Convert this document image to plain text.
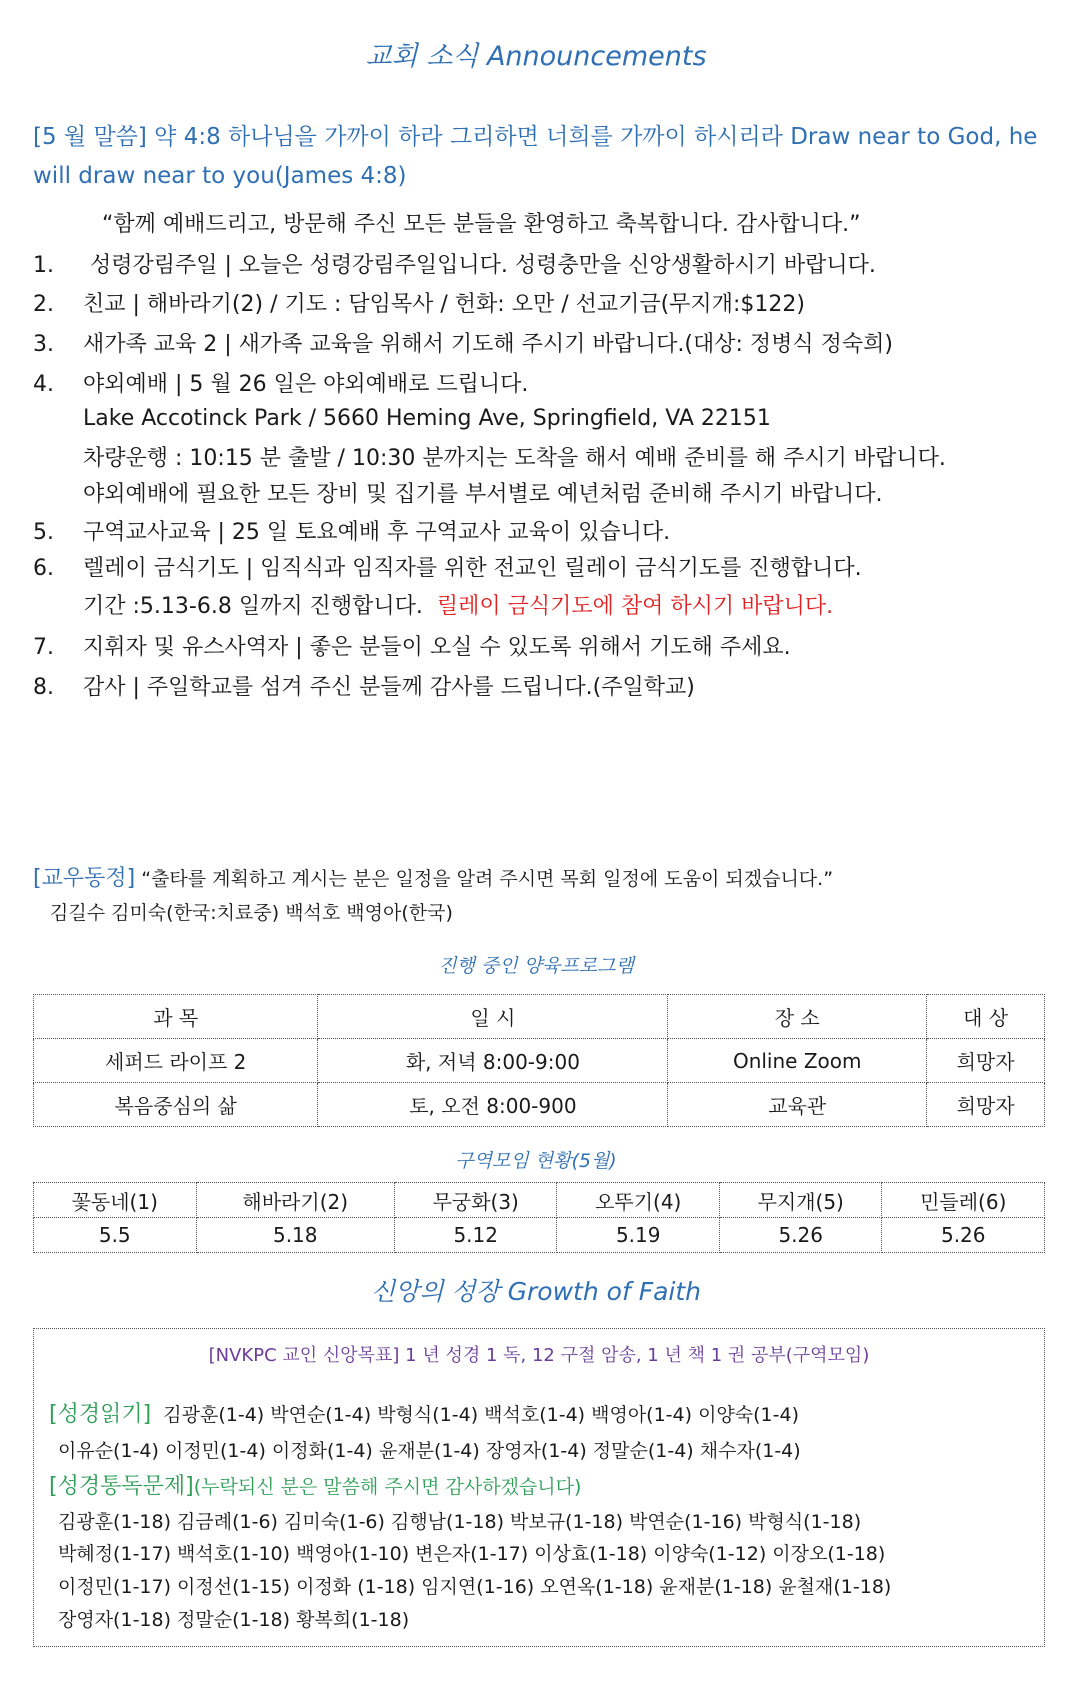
교회 소식 Announcements
[5 월 말씀] 약 4:8 하나님을 가까이 하라 그리하면 너희를 가까이 하시리라 Draw near to God, he will draw near to you(James 4:8)
“함께 예배드리고, 방문해 주신 모든 분들을 환영하고 축복합니다. 감사합니다.”
1. 성령강림주일 | 오늘은 성령강림주일입니다. 성령충만을 신앙생활하시기 바랍니다.
2. 친교 | 해바라기(2) / 기도 : 담임목사 / 헌화: 오만 / 선교기금(무지개:$122)
3. 새가족 교육 2 | 새가족 교육을 위해서 기도해 주시기 바랍니다.(대상: 정병식 정숙희)
4. 야외예배 | 5 월 26 일은 야외예배로 드립니다.
Lake Accotinck Park / 5660 Heming Ave, Springfield, VA 22151
차량운행 : 10:15 분 출발 / 10:30 분까지는 도착을 해서 예배 준비를 해 주시기 바랍니다.
야외예배에 필요한 모든 장비 및 집기를 부서별로 예년처럼 준비해 주시기 바랍니다.
5. 구역교사교육 | 25 일 토요예배 후 구역교사 교육이 있습니다.
6. 렐레이 금식기도 | 임직식과 임직자를 위한 전교인 릴레이 금식기도를 진행합니다.
기간 :5.13-6.8 일까지 진행합니다. 릴레이 금식기도에 참여 하시기 바랍니다.
7. 지휘자 및 유스사역자 | 좋은 분들이 오실 수 있도록 위해서 기도해 주세요.
8. 감사 | 주일학교를 섬겨 주신 분들께 감사를 드립니다.(주일학교)
[교우동정] “출타를 계획하고 계시는 분은 일정을 알려 주시면 목회 일정에 도움이 되겠습니다.”
김길수 김미숙(한국:치료중) 백석호 백영아(한국)
진행 중인 양육프로그램
과 목	일 시	장 소	대 상
세퍼드 라이프 2	화, 저녁 8:00-9:00	Online Zoom	희망자
복음중심의 삶	토, 오전 8:00-900	교육관	희망자
구역모임 현황(5월)
꽃동네(1)	해바라기(2)	무궁화(3)	오뚜기(4)	무지개(5)	민들레(6)
5.5	5.18	5.12	5.19	5.26	5.26
신앙의 성장 Growth of Faith
[NVKPC 교인 신앙목표] 1 년 성경 1 독, 12 구절 암송, 1 년 책 1 권 공부(구역모임)
[성경읽기] 김광훈(1-4) 박연순(1-4) 박형식(1-4) 백석호(1-4) 백영아(1-4) 이양숙(1-4)
이유순(1-4) 이정민(1-4) 이정화(1-4) 윤재분(1-4) 장영자(1-4) 정말순(1-4) 채수자(1-4)
[성경통독문제](누락되신 분은 말씀해 주시면 감사하겠습니다)
김광훈(1-18) 김금례(1-6) 김미숙(1-6) 김행남(1-18) 박보규(1-18) 박연순(1-16) 박형식(1-18)
박혜정(1-17) 백석호(1-10) 백영아(1-10) 변은자(1-17) 이상효(1-18) 이양숙(1-12) 이장오(1-18)
이정민(1-17) 이정선(1-15) 이정화 (1-18) 임지연(1-16) 오연옥(1-18) 윤재분(1-18) 윤철재(1-18)
장영자(1-18) 정말순(1-18) 황복희(1-18)
